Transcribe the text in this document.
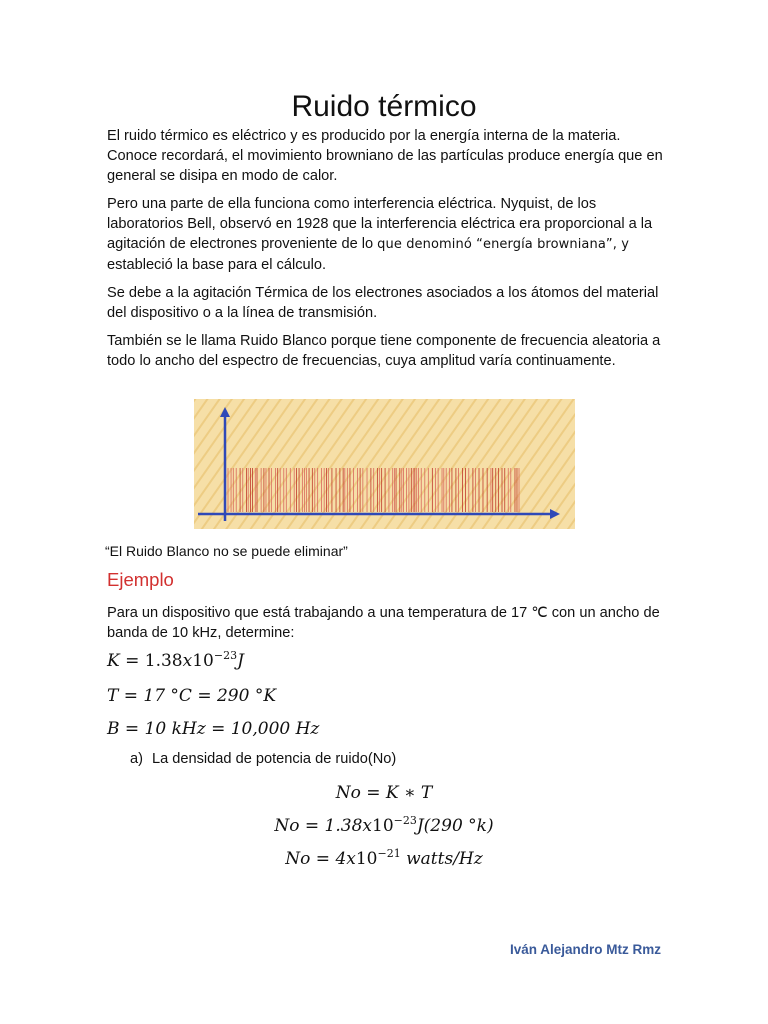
Ruido térmico

El ruido térmico es eléctrico y es producido por la energía interna de la materia. Conoce recordará, el movimiento browniano de las partículas produce energía que en general se disipa en modo de calor.

Pero una parte de ella funciona como interferencia eléctrica. Nyquist, de los laboratorios Bell, observó en 1928 que la interferencia eléctrica era proporcional a la agitación de electrones proveniente de lo que denominó “energía browniana”, y estableció la base para el cálculo.

Se debe a la agitación Térmica de los electrones asociados a los átomos del material del dispositivo o a la línea de transmisión.

También se le llama Ruido Blanco porque tiene componente de frecuencia aleatoria a todo lo ancho del espectro de frecuencias, cuya amplitud varía continuamente.

“El Ruido Blanco no se puede eliminar”

Ejemplo

Para un dispositivo que está trabajando a una temperatura de 17 ℃ con un ancho de banda de 10 kHz, determine:

$K = 1.38x10^{-23}J$

T = 17 °C = 290 °K

B = 10 kHz = 10,000 Hz

a) La densidad de potencia de ruido(No)

No = K ∗ T

$No = 1.38x10^{-23}J(290$ °k)

$No = 4x10^{-21}$ watts/Hz

Iván Alejandro Mtz Rmz
